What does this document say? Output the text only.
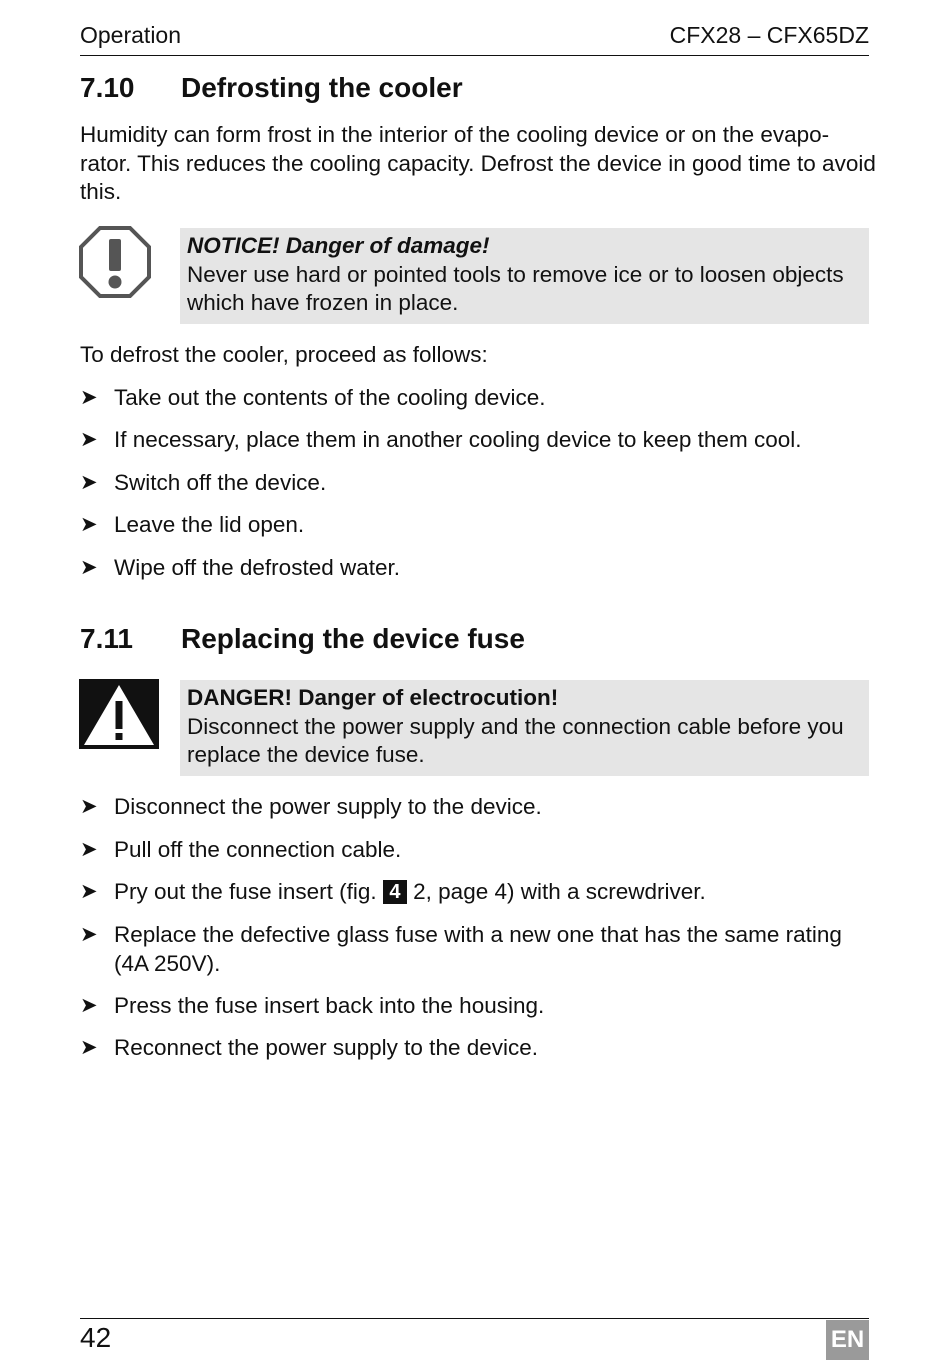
Operation	CFX28 – CFX65DZ
7.10	Defrosting the cooler
Humidity can form frost in the interior of the cooling device or on the evapo-rator. This reduces the cooling capacity. Defrost the device in good time to avoid this.
NOTICE! Danger of damage!
Never use hard or pointed tools to remove ice or to loosen objects which have frozen in place.
To defrost the cooler, proceed as follows:
➤ Take out the contents of the cooling device.
➤ If necessary, place them in another cooling device to keep them cool.
➤ Switch off the device.
➤ Leave the lid open.
➤ Wipe off the defrosted water.
7.11	Replacing the device fuse
DANGER! Danger of electrocution!
Disconnect the power supply and the connection cable before you replace the device fuse.
➤ Disconnect the power supply to the device.
➤ Pull off the connection cable.
➤ Pry out the fuse insert (fig. 4 2, page 4) with a screwdriver.
➤ Replace the defective glass fuse with a new one that has the same rating (4A 250V).
➤ Press the fuse insert back into the housing.
➤ Reconnect the power supply to the device.
42	EN
